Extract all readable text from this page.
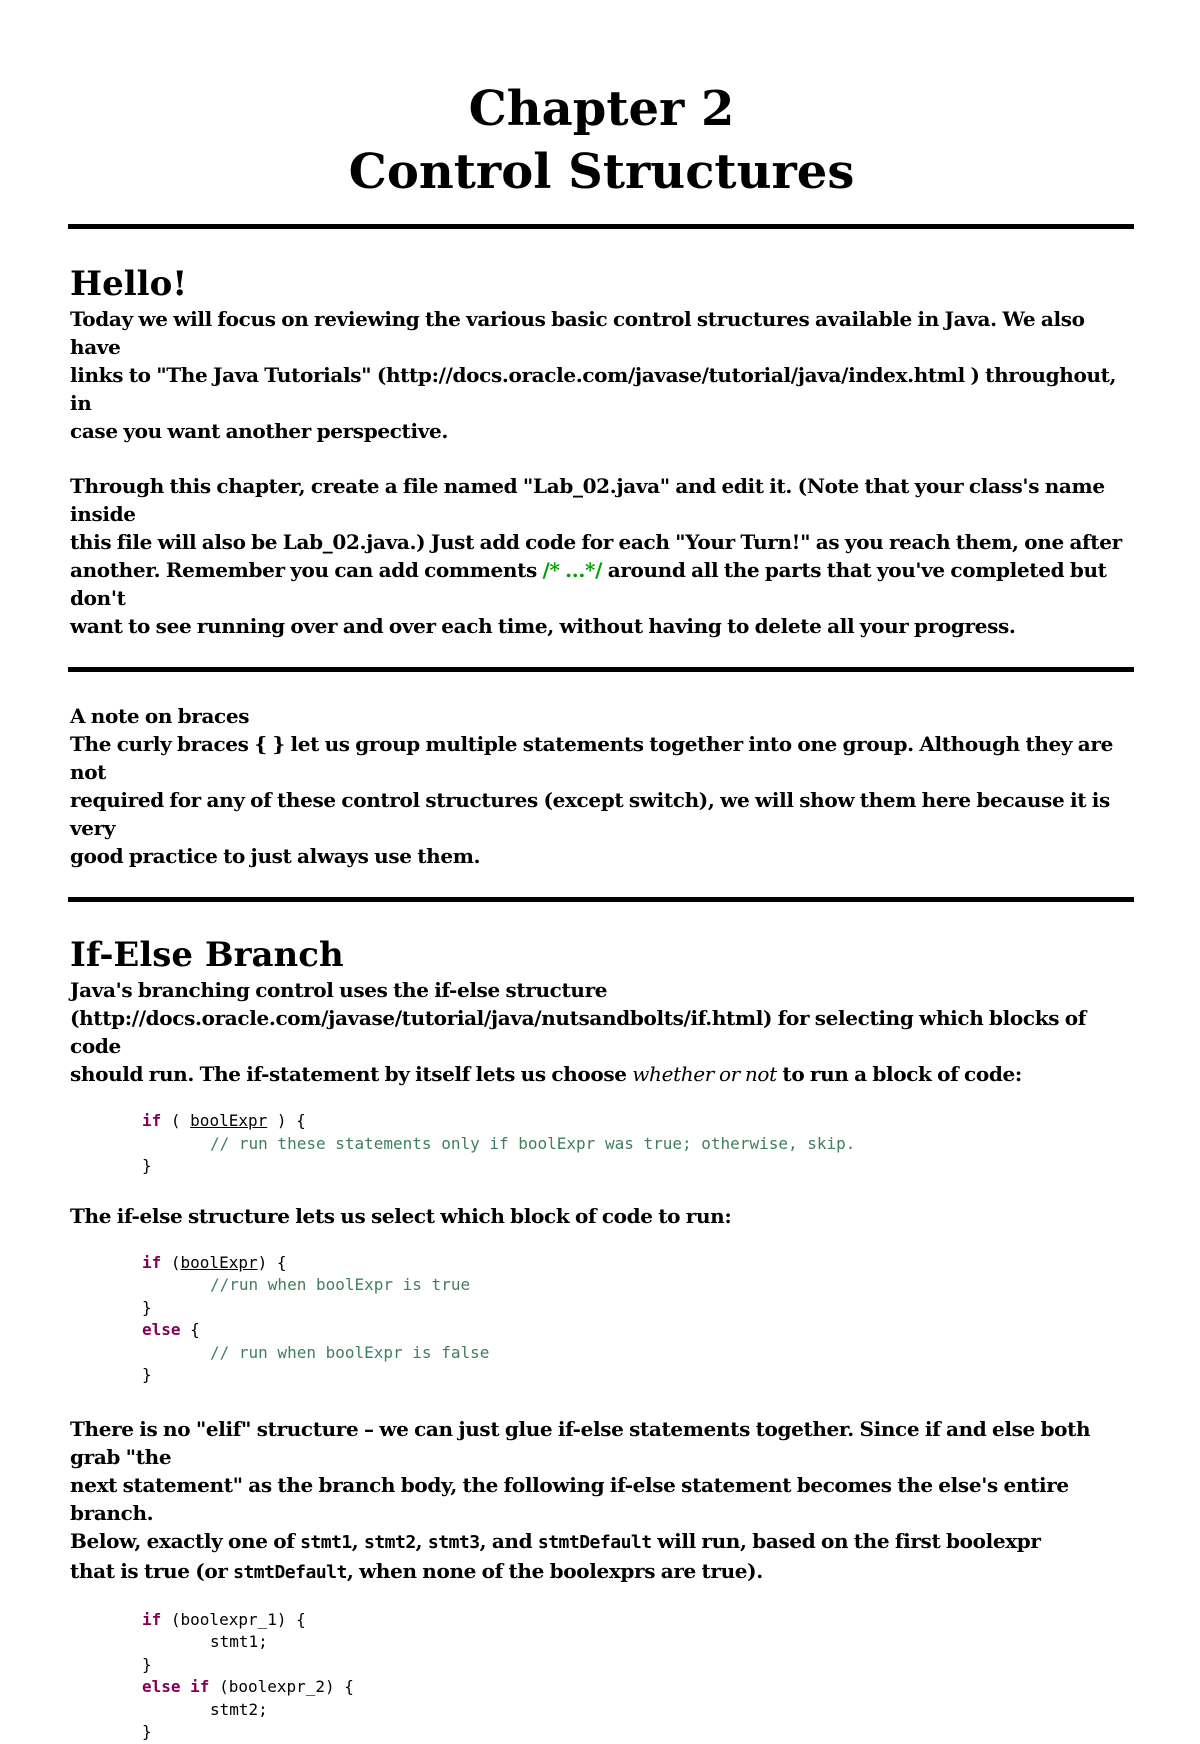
Chapter 2
Control Structures
Hello!

Today we will focus on reviewing the various basic control structures available in Java. We also have

links to "The Java Tutorials" (http://docs.oracle.com/javase/tutorial/java/index.html ) throughout, in

case you want another perspective.

Through this chapter, create a file named "Lab_02.java" and edit it. (Note that your class's name inside

this file will also be Lab_02.java.) Just add code for each "Your Turn!" as you reach them, one after

another. Remember you can add comments /* ...*/ around all the parts that you've completed but don't

want to see running over and over each time, without having to delete all your progress.

A note on braces

The curly braces { } let us group multiple statements together into one group. Although they are not

required for any of these control structures (except switch), we will show them here because it is very

good practice to just always use them.

If-Else Branch

Java's branching control uses the if-else structure

(http://docs.oracle.com/javase/tutorial/java/nutsandbolts/if.html) for selecting which blocks of code

should run. The if-statement by itself lets us choose whether or not to run a block of code:

if ( boolExpr ) {
// run these statements only if boolExpr was true; otherwise, skip.
}

The if-else structure lets us select which block of code to run:

if (boolExpr) {
//run when boolExpr is true
}
else {
// run when boolExpr is false
}

There is no "elif" structure – we can just glue if-else statements together. Since if and else both grab "the

next statement" as the branch body, the following if-else statement becomes the else's entire branch.

Below, exactly one of stmt1, stmt2, stmt3, and stmtDefault will run, based on the first boolexpr

that is true (or stmtDefault, when none of the boolexprs are true).

if (boolexpr_1) {
stmt1;
}
else if (boolexpr_2) {
stmt2;
}
